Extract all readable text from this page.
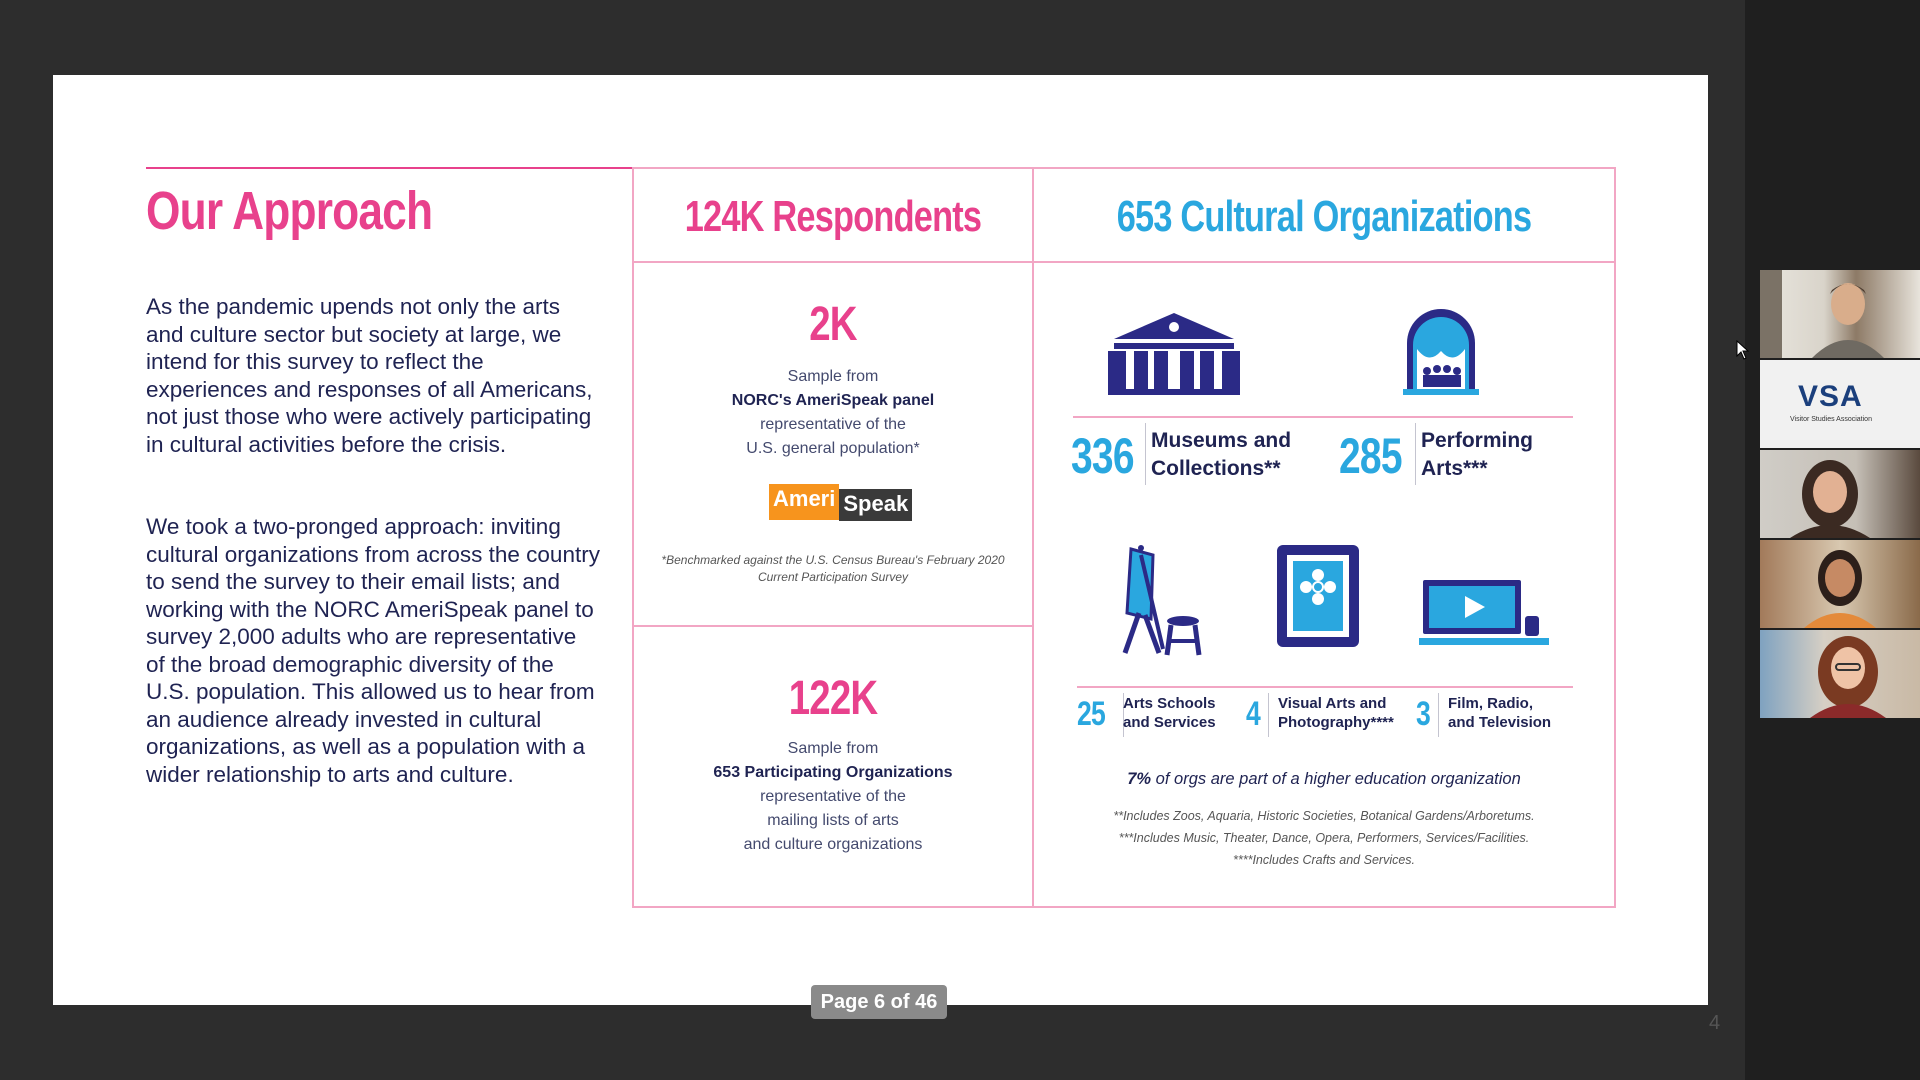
Our Approach
As the pandemic upends not only the arts and culture sector but society at large, we intend for this survey to reflect the experiences and responses of all Americans, not just those who were actively participating in cultural activities before the crisis.
We took a two-pronged approach: inviting cultural organizations from across the country to send the survey to their email lists; and working with the NORC AmeriSpeak panel to survey 2,000 adults who are representative of the broad demographic diversity of the U.S. population. This allowed us to hear from an audience already invested in cultural organizations, as well as a population with a wider relationship to arts and culture.
124K Respondents	653 Cultural Organizations
2K
Sample from
NORC's AmeriSpeak panel
representative of the
U.S. general population*
Ameri Speak
*Benchmarked against the U.S. Census Bureau's February 2020 Current Participation Survey
122K
Sample from
653 Participating Organizations
representative of the
mailing lists of arts
and culture organizations
336 Museums and
Collections** 285 Performing
Arts***
25 Arts Schools
and Services 4 Visual Arts and
Photography**** 3 Film, Radio,
and Television
7% of orgs are part of a higher education organization
**Includes Zoos, Aquaria, Historic Societies, Botanical Gardens/Arboretums.
***Includes Music, Theater, Dance, Opera, Performers, Services/Facilities.
****Includes Crafts and Services.
4
Page 6 of 46
VSA
Visitor Studies Association
